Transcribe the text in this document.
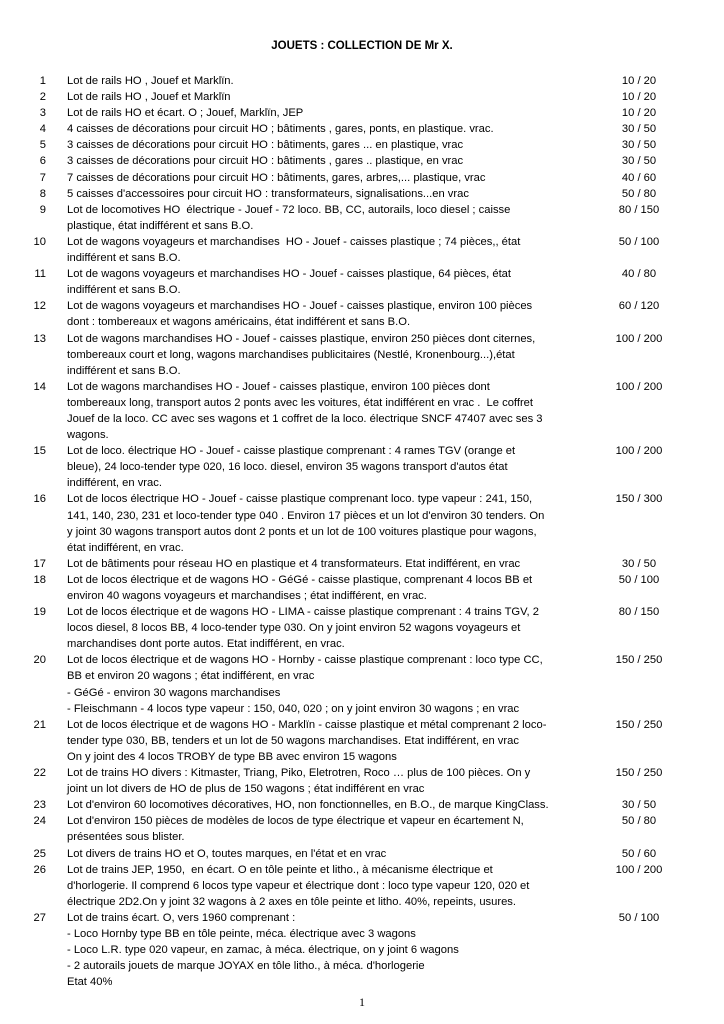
JOUETS : COLLECTION DE Mr X.
1 Lot de rails HO , Jouef et Marklïn.	10 / 20
2 Lot de rails HO , Jouef et Marklïn	10 / 20
3 Lot de rails HO et écart. O ; Jouef, Marklïn, JEP	10 / 20
4 4 caisses de décorations pour circuit HO ; bâtiments , gares, ponts, en plastique. vrac.	30 / 50
5 3 caisses de décorations pour circuit HO : bâtiments, gares ... en plastique, vrac	30 / 50
6 3 caisses de décorations pour circuit HO : bâtiments , gares .. plastique, en vrac	30 / 50
7 7 caisses de décorations pour circuit HO : bâtiments, gares, arbres,... plastique, vrac	40 / 60
8 5 caisses d'accessoires pour circuit HO : transformateurs, signalisations...en vrac	50 / 80
9 Lot de locomotives HO  électrique - Jouef - 72 loco. BB, CC, autorails, loco diesel ; caisse
plastique, état indifférent et sans B.O.
80 / 150
10 Lot de wagons voyageurs et marchandises  HO - Jouef - caisses plastique ; 74 pièces,, état
indifférent et sans B.O.
50 / 100
11 Lot de wagons voyageurs et marchandises HO - Jouef - caisses plastique, 64 pièces, état
indifférent et sans B.O.
40 / 80
12 Lot de wagons voyageurs et marchandises HO - Jouef - caisses plastique, environ 100 pièces
dont : tombereaux et wagons américains, état indifférent et sans B.O.
60 / 120
13 Lot de wagons marchandises HO - Jouef - caisses plastique, environ 250 pièces dont citernes,
tombereaux court et long, wagons marchandises publicitaires (Nestlé, Kronenbourg...),état
indifférent et sans B.O.
100 / 200
14 Lot de wagons marchandises HO - Jouef - caisses plastique, environ 100 pièces dont
tombereaux long, transport autos 2 ponts avec les voitures, état indifférent en vrac .  Le coffret
Jouef de la loco. CC avec ses wagons et 1 coffret de la loco. électrique SNCF 47407 avec ses 3
wagons.
100 / 200
15 Lot de loco. électrique HO - Jouef - caisse plastique comprenant : 4 rames TGV (orange et
bleue), 24 loco-tender type 020, 16 loco. diesel, environ 35 wagons transport d'autos état
indifférent, en vrac.
100 / 200
16 Lot de locos électrique HO - Jouef - caisse plastique comprenant loco. type vapeur : 241, 150,
141, 140, 230, 231 et loco-tender type 040 . Environ 17 pièces et un lot d'environ 30 tenders. On
y joint 30 wagons transport autos dont 2 ponts et un lot de 100 voitures plastique pour wagons,
état indifférent, en vrac.
150 / 300
17 Lot de bâtiments pour réseau HO en plastique et 4 transformateurs. Etat indifférent, en vrac	30 / 50
18 Lot de locos électrique et de wagons HO - GéGé - caisse plastique, comprenant 4 locos BB et
environ 40 wagons voyageurs et marchandises ; état indifférent, en vrac.
50 / 100
19 Lot de locos électrique et de wagons HO - LIMA - caisse plastique comprenant : 4 trains TGV, 2
locos diesel, 8 locos BB, 4 loco-tender type 030. On y joint environ 52 wagons voyageurs et
marchandises dont porte autos. Etat indifférent, en vrac.
80 / 150
20 Lot de locos électrique et de wagons HO - Hornby - caisse plastique comprenant : loco type CC,
BB et environ 20 wagons ; état indifférent, en vrac
- GéGé - environ 30 wagons marchandises
- Fleischmann - 4 locos type vapeur : 150, 040, 020 ; on y joint environ 30 wagons ; en vrac
150 / 250
21 Lot de locos électrique et de wagons HO - Marklïn - caisse plastique et métal comprenant 2 loco-
tender type 030, BB, tenders et un lot de 50 wagons marchandises. Etat indifférent, en vrac
On y joint des 4 locos TROBY de type BB avec environ 15 wagons
150 / 250
22 Lot de trains HO divers : Kitmaster, Triang, Piko, Eletrotren, Roco … plus de 100 pièces. On y
joint un lot divers de HO de plus de 150 wagons ; état indifférent en vrac
150 / 250
23 Lot d'environ 60 locomotives décoratives, HO, non fonctionnelles, en B.O., de marque KingClass.	30 / 50
24 Lot d'environ 150 pièces de modèles de locos de type électrique et vapeur en écartement N,
présentées sous blister.
50 / 80
25 Lot divers de trains HO et O, toutes marques, en l'état et en vrac	50 / 60
26 Lot de trains JEP, 1950,  en écart. O en tôle peinte et litho., à mécanisme électrique et
d'horlogerie. Il comprend 6 locos type vapeur et électrique dont : loco type vapeur 120, 020 et
électrique 2D2.On y joint 32 wagons à 2 axes en tôle peinte et litho. 40%, repeints, usures.
100 / 200
27 Lot de trains écart. O, vers 1960 comprenant :
- Loco Hornby type BB en tôle peinte, méca. électrique avec 3 wagons
- Loco L.R. type 020 vapeur, en zamac, à méca. électrique, on y joint 6 wagons
- 2 autorails jouets de marque JOYAX en tôle litho., à méca. d'horlogerie
Etat 40%
50 / 100
1
